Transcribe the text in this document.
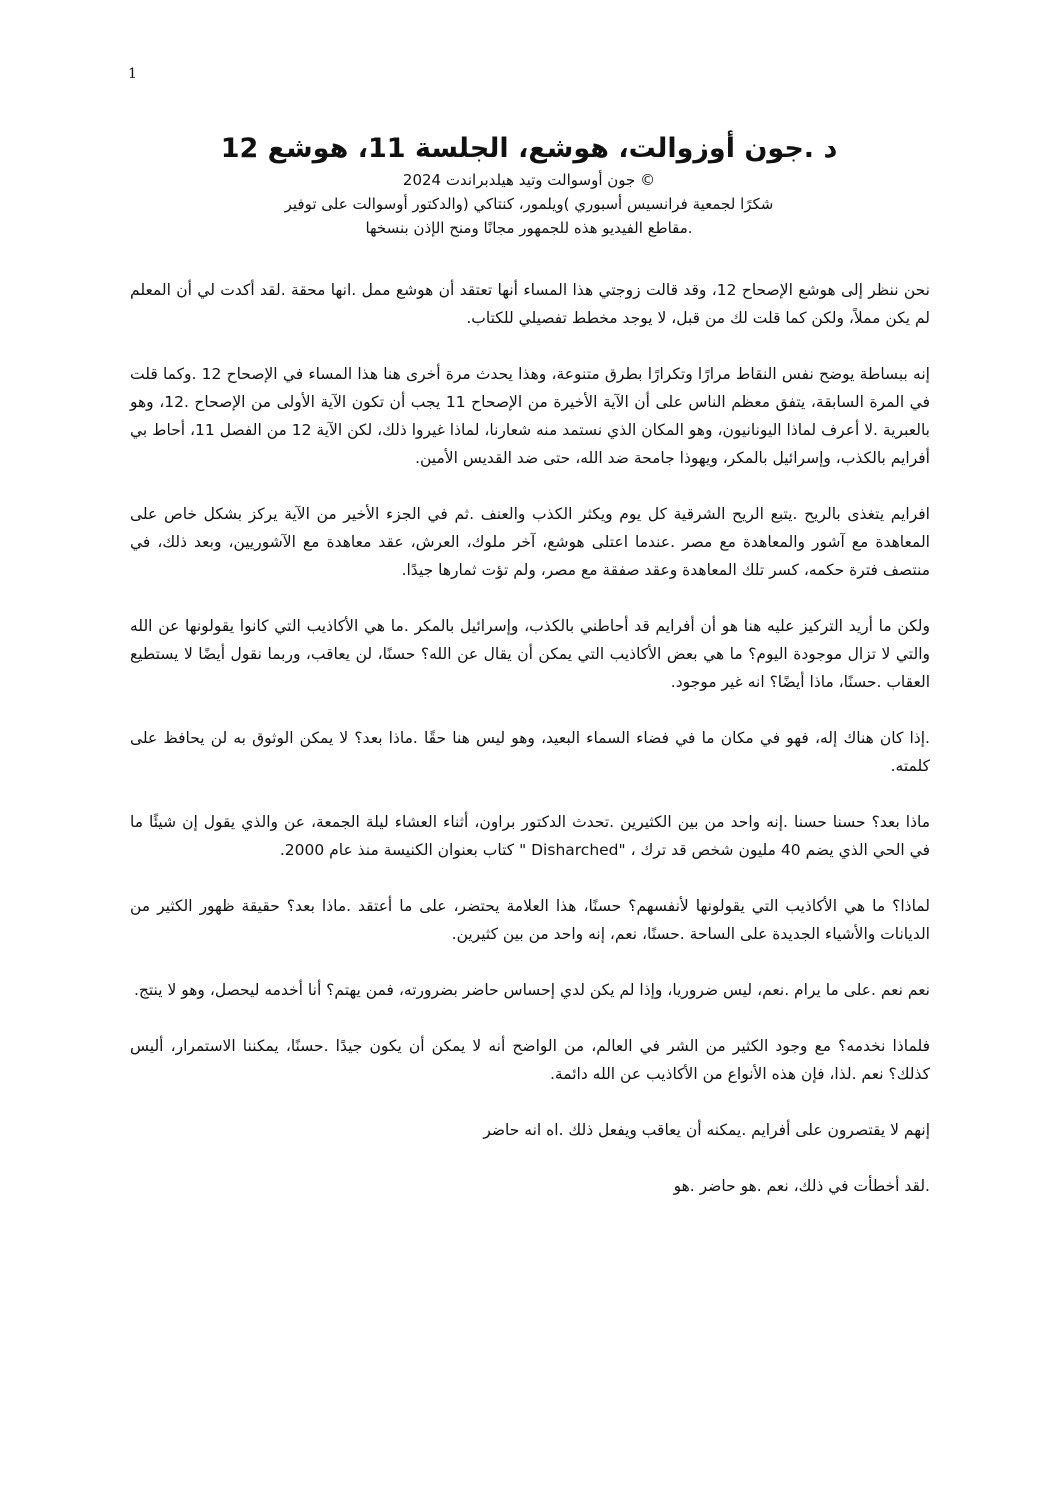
1
د .جون أوزوالت، هوشع، الجلسة 11، هوشع 12

© جون أوسوالت وتيد هيلدبراندت 2024

شكرًا لجمعية فرانسيس أسبوري )ويلمور، كنتاكي (والدكتور أوسوالت على توفير

.مقاطع الفيديو هذه للجمهور مجانًا ومنح الإذن بنسخها

نحن ننظر إلى هوشع الإصحاح 12، وقد قالت زوجتي هذا المساء أنها تعتقد أن هوشع ممل .انها محقة .لقد أكدت لي أن المعلم لم يكن مملاً، ولكن كما قلت لك من قبل، لا يوجد مخطط تفصيلي للكتاب.

إنه ببساطة يوضح نفس النقاط مرارًا وتكرارًا بطرق متنوعة، وهذا يحدث مرة أخرى هنا هذا المساء في الإصحاح 12 .وكما قلت في المرة السابقة، يتفق معظم الناس على أن الآية الأخيرة من الإصحاح 11 يجب أن تكون الآية الأولى من الإصحاح .12، وهو بالعبرية .لا أعرف لماذا اليونانيون، وهو المكان الذي نستمد منه شعارنا، لماذا غيروا ذلك، لكن الآية 12 من الفصل 11، أحاط بي أفرايم بالكذب، وإسرائيل بالمكر، ويهوذا جامحة ضد الله، حتى ضد القديس الأمين.

افرايم يتغذى بالريح .يتبع الريح الشرقية كل يوم ويكثر الكذب والعنف .ثم في الجزء الأخير من الآية يركز بشكل خاص على المعاهدة مع آشور والمعاهدة مع مصر .عندما اعتلى هوشع، آخر ملوك، العرش، عقد معاهدة مع الآشوريين، وبعد ذلك، في منتصف فترة حكمه، كسر تلك المعاهدة وعقد صفقة مع مصر، ولم تؤت ثمارها جيدًا.

ولكن ما أريد التركيز عليه هنا هو أن أفرايم قد أحاطني بالكذب، وإسرائيل بالمكر .ما هي الأكاذيب التي كانوا يقولونها عن الله والتي لا تزال موجودة اليوم؟ ما هي بعض الأكاذيب التي يمكن أن يقال عن الله؟ حسنًا، لن يعاقب، وربما نقول أيضًا لا يستطيع العقاب .حسنًا، ماذا أيضًا؟ انه غير موجود.

.إذا كان هناك إله، فهو في مكان ما في فضاء السماء البعيد، وهو ليس هنا حقًا .ماذا بعد؟ لا يمكن الوثوق به لن يحافظ على كلمته.

ماذا بعد؟ حسنا حسنا .إنه واحد من بين الكثيرين .تحدث الدكتور براون، أثناء العشاء ليلة الجمعة، عن والذي يقول إن شيئًا ما في الحي الذي يضم 40 مليون شخص قد ترك ، "Disharched " كتاب بعنوان الكنيسة منذ عام 2000.

لماذا؟ ما هي الأكاذيب التي يقولونها لأنفسهم؟ حسنًا، هذا العلامة يحتضر، على ما أعتقد .ماذا بعد؟ حقيقة ظهور الكثير من الديانات والأشياء الجديدة على الساحة .حسنًا، نعم، إنه واحد من بين كثيرين.

نعم نعم .على ما يرام .نعم، ليس ضروريا، وإذا لم يكن لدي إحساس حاضر بضرورته، فمن يهتم؟ أنا أخدمه ليحصل، وهو لا ينتج.

فلماذا نخدمه؟ مع وجود الكثير من الشر في العالم، من الواضح أنه لا يمكن أن يكون جيدًا .حسنًا، يمكننا الاستمرار، أليس كذلك؟ نعم .لذا، فإن هذه الأنواع من الأكاذيب عن الله دائمة.

إنهم لا يقتصرون على أفرايم .يمكنه أن يعاقب ويفعل ذلك .اه انه حاضر

.لقد أخطأت في ذلك، نعم .هو حاضر .هو
